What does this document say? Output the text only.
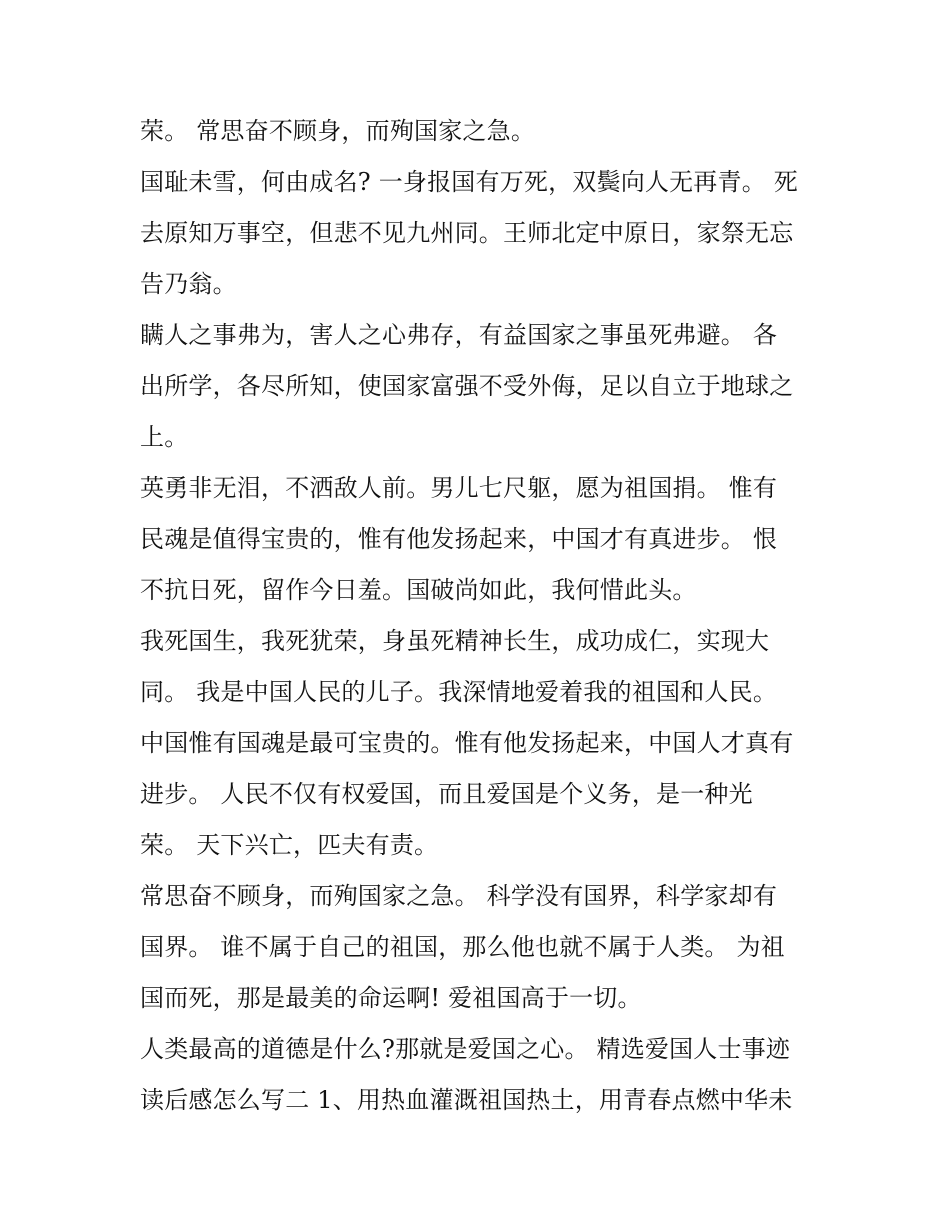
荣。 常思奋不顾身，而殉国家之急。
国耻未雪，何由成名? 一身报国有万死，双鬓向人无再青。 死
去原知万事空，但悲不见九州同。王师北定中原日，家祭无忘
告乃翁。
瞒人之事弗为，害人之心弗存，有益国家之事虽死弗避。 各
出所学，各尽所知，使国家富强不受外侮，足以自立于地球之
上。
英勇非无泪，不洒敌人前。男儿七尺躯，愿为祖国捐。 惟有
民魂是值得宝贵的，惟有他发扬起来，中国才有真进步。 恨
不抗日死，留作今日羞。国破尚如此，我何惜此头。
我死国生，我死犹荣，身虽死精神长生，成功成仁，实现大
同。 我是中国人民的儿子。我深情地爱着我的祖国和人民。
中国惟有国魂是最可宝贵的。惟有他发扬起来，中国人才真有
进步。 人民不仅有权爱国，而且爱国是个义务，是一种光
荣。 天下兴亡，匹夫有责。
常思奋不顾身，而殉国家之急。 科学没有国界，科学家却有
国界。 谁不属于自己的祖国，那么他也就不属于人类。 为祖
国而死，那是最美的命运啊! 爱祖国高于一切。
人类最高的道德是什么?那就是爱国之心。 精选爱国人士事迹
读后感怎么写二 1、用热血灌溉祖国热土，用青春点燃中华未
